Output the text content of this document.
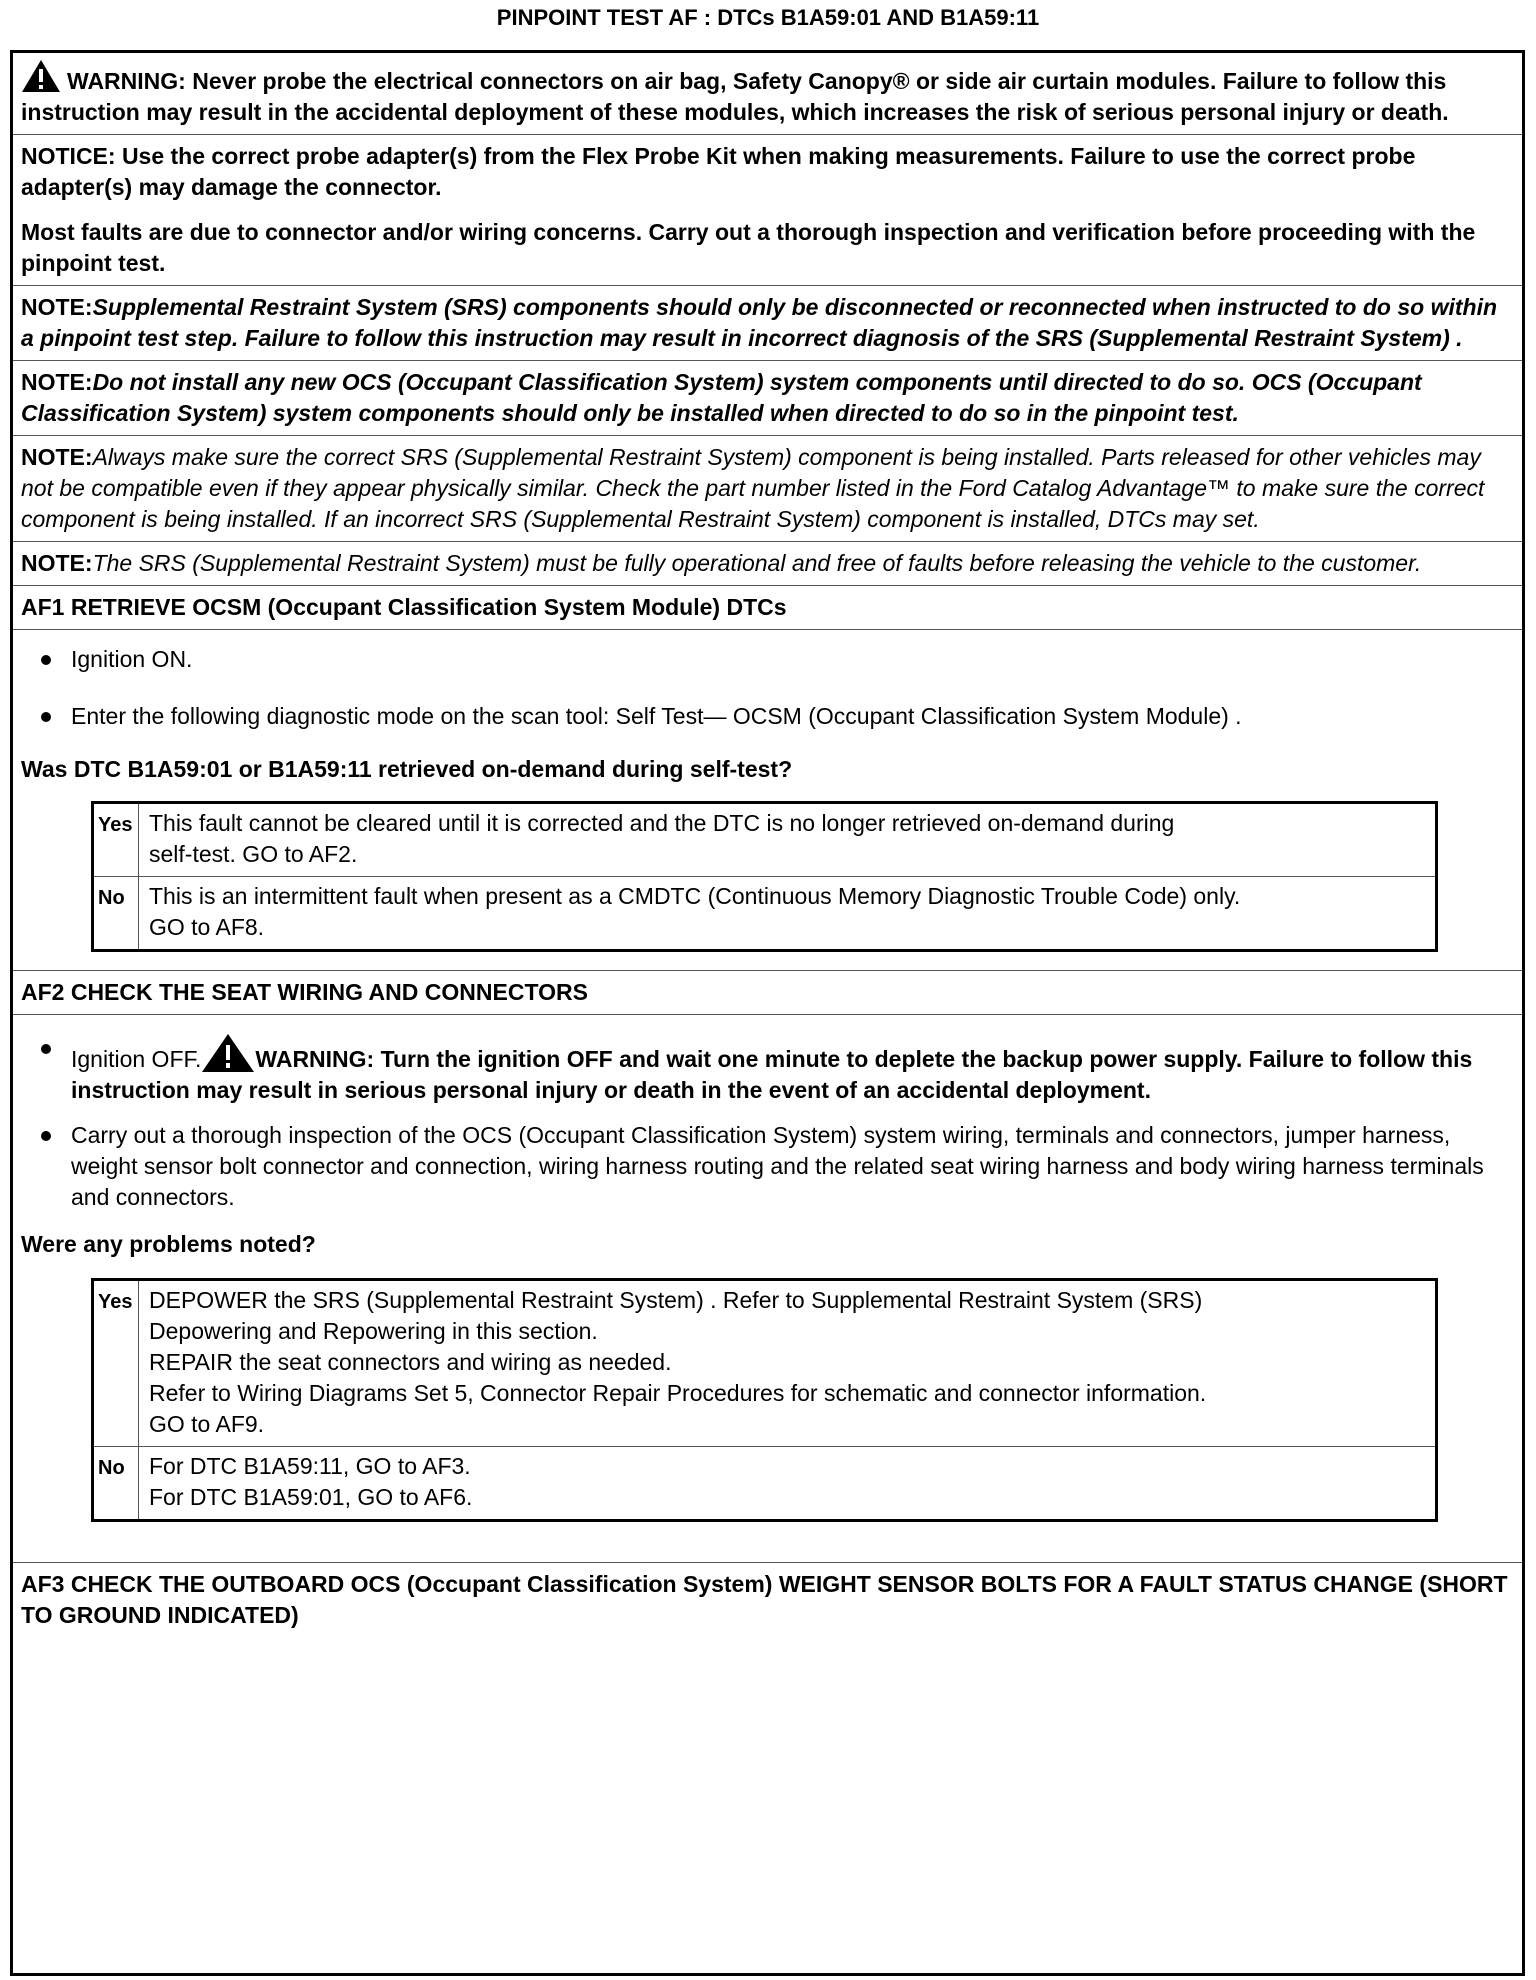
PINPOINT TEST AF : DTCs B1A59:01 AND B1A59:11
WARNING: Never probe the electrical connectors on air bag, Safety Canopy® or side air curtain modules. Failure to follow this instruction may result in the accidental deployment of these modules, which increases the risk of serious personal injury or death.
NOTICE: Use the correct probe adapter(s) from the Flex Probe Kit when making measurements. Failure to use the correct probe adapter(s) may damage the connector.
Most faults are due to connector and/or wiring concerns. Carry out a thorough inspection and verification before proceeding with the pinpoint test.
NOTE:Supplemental Restraint System (SRS) components should only be disconnected or reconnected when instructed to do so within a pinpoint test step. Failure to follow this instruction may result in incorrect diagnosis of the SRS (Supplemental Restraint System) .
NOTE:Do not install any new OCS (Occupant Classification System) system components until directed to do so. OCS (Occupant Classification System) system components should only be installed when directed to do so in the pinpoint test.
NOTE:Always make sure the correct SRS (Supplemental Restraint System) component is being installed. Parts released for other vehicles may not be compatible even if they appear physically similar. Check the part number listed in the Ford Catalog Advantage™ to make sure the correct component is being installed. If an incorrect SRS (Supplemental Restraint System) component is installed, DTCs may set.
NOTE:The SRS (Supplemental Restraint System) must be fully operational and free of faults before releasing the vehicle to the customer.
AF1 RETRIEVE OCSM (Occupant Classification System Module) DTCs
Ignition ON.
Enter the following diagnostic mode on the scan tool: Self Test— OCSM (Occupant Classification System Module) .
Was DTC B1A59:01 or B1A59:11 retrieved on-demand during self-test?
Yes	This fault cannot be cleared until it is corrected and the DTC is no longer retrieved on-demand during
self-test. GO to AF2.

No	This is an intermittent fault when present as a CMDTC (Continuous Memory Diagnostic Trouble Code) only.
GO to AF8.
AF2 CHECK THE SEAT WIRING AND CONNECTORS
Ignition OFF. WARNING: Turn the ignition OFF and wait one minute to deplete the backup power supply. Failure to follow this instruction may result in serious personal injury or death in the event of an accidental deployment.
Carry out a thorough inspection of the OCS (Occupant Classification System) system wiring, terminals and connectors, jumper harness, weight sensor bolt connector and connection, wiring harness routing and the related seat wiring harness and body wiring harness terminals and connectors.
Were any problems noted?
Yes	DEPOWER the SRS (Supplemental Restraint System) . Refer to Supplemental Restraint System (SRS)
Depowering and Repowering in this section.
REPAIR the seat connectors and wiring as needed.
Refer to Wiring Diagrams Set 5, Connector Repair Procedures for schematic and connector information.
GO to AF9.

No	For DTC B1A59:11, GO to AF3.
For DTC B1A59:01, GO to AF6.
AF3 CHECK THE OUTBOARD OCS (Occupant Classification System) WEIGHT SENSOR BOLTS FOR A FAULT STATUS CHANGE (SHORT TO GROUND INDICATED)
